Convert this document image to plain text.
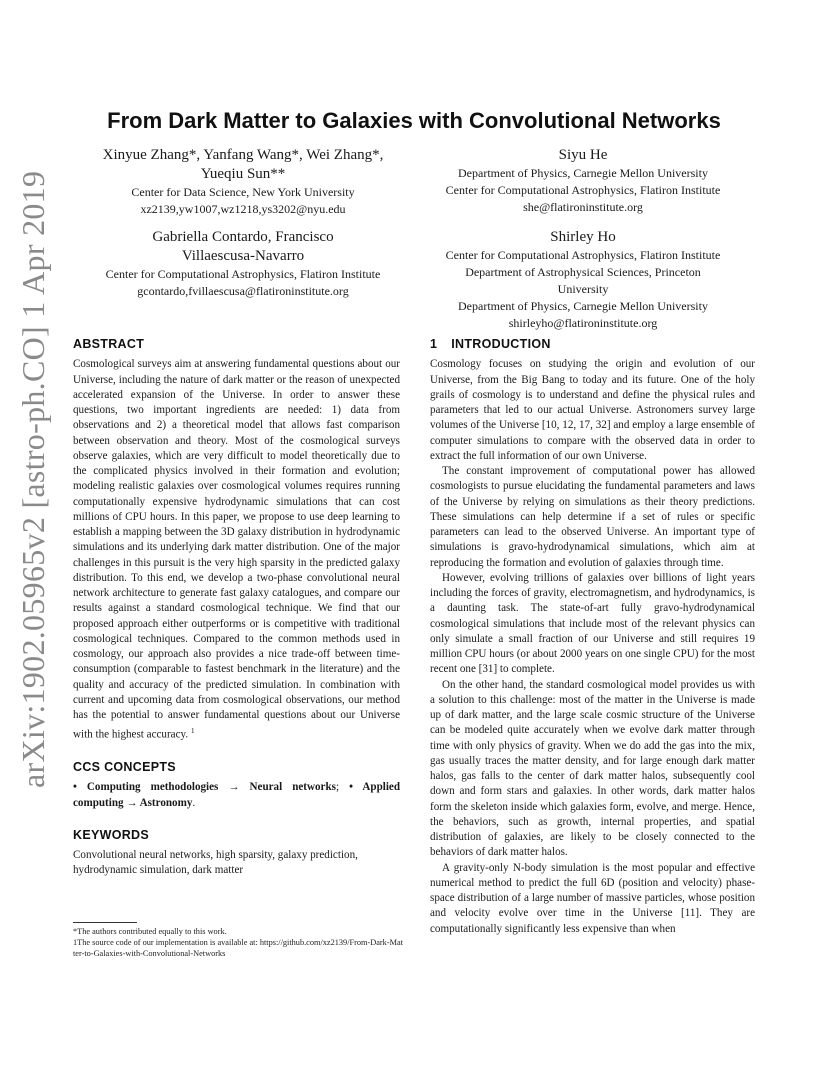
arXiv:1902.05965v2 [astro-ph.CO] 1 Apr 2019
From Dark Matter to Galaxies with Convolutional Networks
Xinyue Zhang*, Yanfang Wang*, Wei Zhang*,
Yueqiu Sun**
Center for Data Science, New York University
xz2139,yw1007,wz1218,ys3202@nyu.edu
Siyu He
Department of Physics, Carnegie Mellon University
Center for Computational Astrophysics, Flatiron Institute
she@flatironinstitute.org
Gabriella Contardo, Francisco
Villaescusa-Navarro
Center for Computational Astrophysics, Flatiron Institute
gcontardo,fvillaescusa@flatironinstitute.org
Shirley Ho
Center for Computational Astrophysics, Flatiron Institute
Department of Astrophysical Sciences, Princeton
University
Department of Physics, Carnegie Mellon University
shirleyho@flatironinstitute.org
ABSTRACT

Cosmological surveys aim at answering fundamental questions about our Universe, including the nature of dark matter or the reason of unexpected accelerated expansion of the Universe. In order to answer these questions, two important ingredients are needed: 1) data from observations and 2) a theoretical model that allows fast comparison between observation and theory. Most of the cosmological surveys observe galaxies, which are very difficult to model theoretically due to the complicated physics involved in their formation and evolution; modeling realistic galaxies over cosmological volumes requires running computationally expensive hydrodynamic simulations that can cost millions of CPU hours. In this paper, we propose to use deep learning to establish a mapping between the 3D galaxy distribution in hydrodynamic simulations and its underlying dark matter distribution. One of the major challenges in this pursuit is the very high sparsity in the predicted galaxy distribution. To this end, we develop a two-phase convolutional neural network architecture to generate fast galaxy catalogues, and compare our results against a standard cosmological technique. We find that our proposed approach either outperforms or is competitive with traditional cosmological techniques. Compared to the common methods used in cosmology, our approach also provides a nice trade-off between time-consumption (comparable to fastest benchmark in the literature) and the quality and accuracy of the predicted simulation. In combination with current and upcoming data from cosmological observations, our method has the potential to answer fundamental questions about our Universe with the highest accuracy. $^1$

CCS CONCEPTS

• Computing methodologies → Neural networks; • Applied computing → Astronomy.

KEYWORDS

Convolutional neural networks, high sparsity, galaxy prediction, hydrodynamic simulation, dark matter

*The authors contributed equally to this work.
1The source code of our implementation is available at: https://github.com/xz2139/From-Dark-Matter-to-Galaxies-with-Convolutional-Networks
1 INTRODUCTION

Cosmology focuses on studying the origin and evolution of our Universe, from the Big Bang to today and its future. One of the holy grails of cosmology is to understand and define the physical rules and parameters that led to our actual Universe. Astronomers survey large volumes of the Universe [10, 12, 17, 32] and employ a large ensemble of computer simulations to compare with the observed data in order to extract the full information of our own Universe.

The constant improvement of computational power has allowed cosmologists to pursue elucidating the fundamental parameters and laws of the Universe by relying on simulations as their theory predictions. These simulations can help determine if a set of rules or specific parameters can lead to the observed Universe. An important type of simulations is gravo-hydrodynamical simulations, which aim at reproducing the formation and evolution of galaxies through time.

However, evolving trillions of galaxies over billions of light years including the forces of gravity, electromagnetism, and hydrodynamics, is a daunting task. The state-of-art fully gravo-hydrodynamical cosmological simulations that include most of the relevant physics can only simulate a small fraction of our Universe and still requires 19 million CPU hours (or about 2000 years on one single CPU) for the most recent one [31] to complete.

On the other hand, the standard cosmological model provides us with a solution to this challenge: most of the matter in the Universe is made up of dark matter, and the large scale cosmic structure of the Universe can be modeled quite accurately when we evolve dark matter through time with only physics of gravity. When we do add the gas into the mix, gas usually traces the matter density, and for large enough dark matter halos, gas falls to the center of dark matter halos, subsequently cool down and form stars and galaxies. In other words, dark matter halos form the skeleton inside which galaxies form, evolve, and merge. Hence, the behaviors, such as growth, internal properties, and spatial distribution of galaxies, are likely to be closely connected to the behaviors of dark matter halos.

A gravity-only N-body simulation is the most popular and effective numerical method to predict the full 6D (position and velocity) phase-space distribution of a large number of massive particles, whose position and velocity evolve over time in the Universe [11]. They are computationally significantly less expensive than when
